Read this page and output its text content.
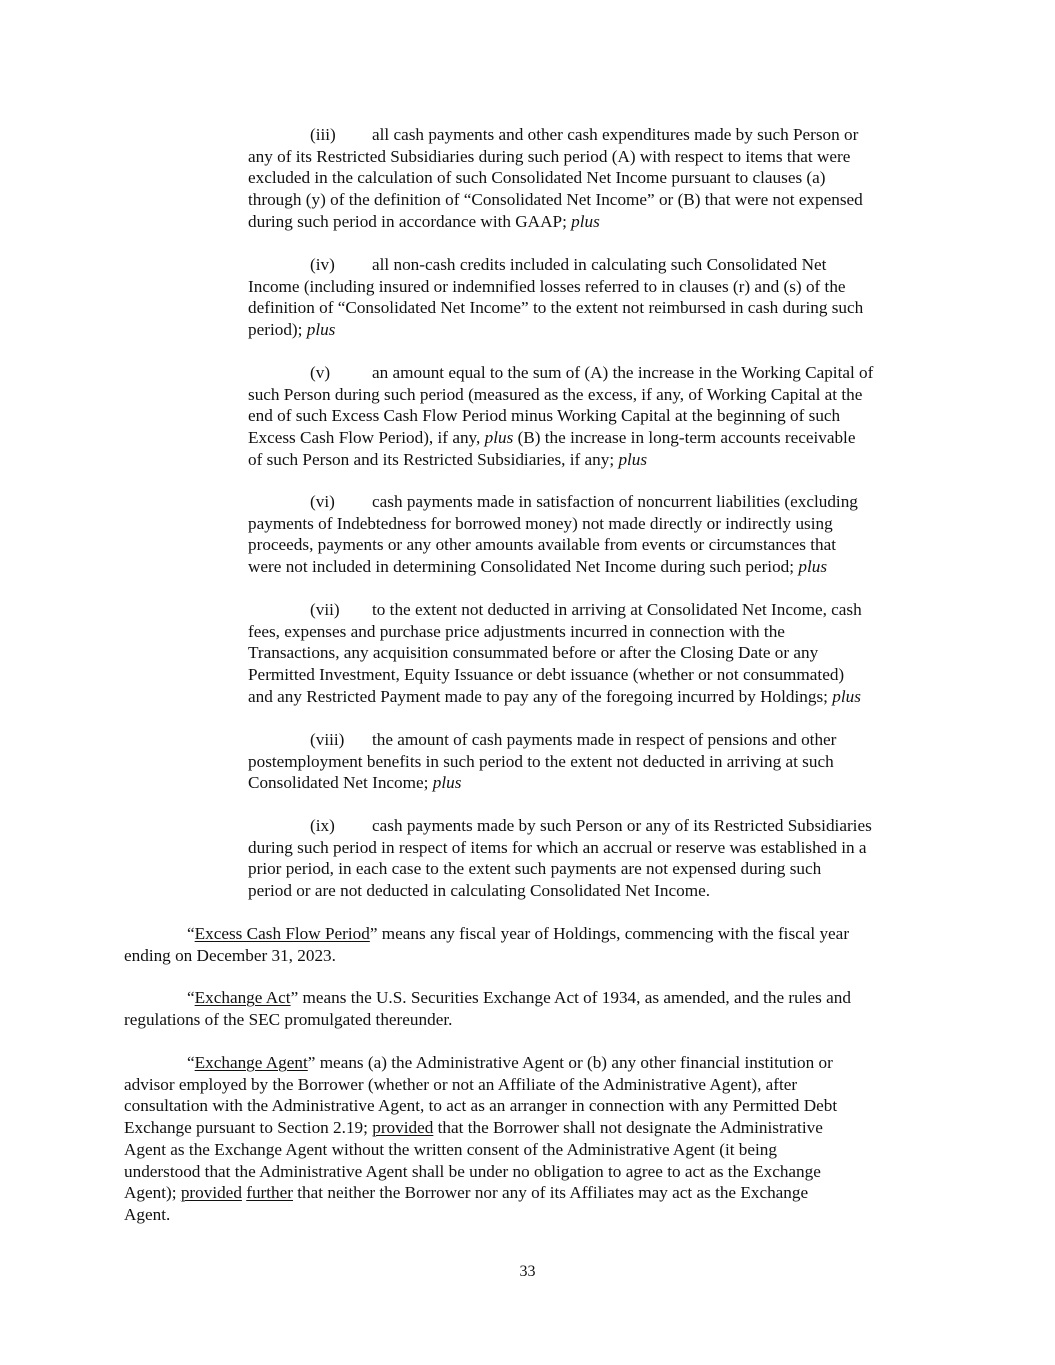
(iii) all cash payments and other cash expenditures made by such Person or
any of its Restricted Subsidiaries during such period (A) with respect to items that were
excluded in the calculation of such Consolidated Net Income pursuant to clauses (a)
through (y) of the definition of “Consolidated Net Income” or (B) that were not expensed
during such period in accordance with GAAP; plus
(iv) all non-cash credits included in calculating such Consolidated Net
Income (including insured or indemnified losses referred to in clauses (r) and (s) of the
definition of “Consolidated Net Income” to the extent not reimbursed in cash during such
period); plus
(v) an amount equal to the sum of (A) the increase in the Working Capital of
such Person during such period (measured as the excess, if any, of Working Capital at the
end of such Excess Cash Flow Period minus Working Capital at the beginning of such
Excess Cash Flow Period), if any, plus (B) the increase in long-term accounts receivable
of such Person and its Restricted Subsidiaries, if any; plus
(vi) cash payments made in satisfaction of noncurrent liabilities (excluding
payments of Indebtedness for borrowed money) not made directly or indirectly using
proceeds, payments or any other amounts available from events or circumstances that
were not included in determining Consolidated Net Income during such period; plus
(vii) to the extent not deducted in arriving at Consolidated Net Income, cash
fees, expenses and purchase price adjustments incurred in connection with the
Transactions, any acquisition consummated before or after the Closing Date or any
Permitted Investment, Equity Issuance or debt issuance (whether or not consummated)
and any Restricted Payment made to pay any of the foregoing incurred by Holdings; plus
(viii) the amount of cash payments made in respect of pensions and other
postemployment benefits in such period to the extent not deducted in arriving at such
Consolidated Net Income; plus
(ix) cash payments made by such Person or any of its Restricted Subsidiaries
during such period in respect of items for which an accrual or reserve was established in a
prior period, in each case to the extent such payments are not expensed during such
period or are not deducted in calculating Consolidated Net Income.
“Excess Cash Flow Period” means any fiscal year of Holdings, commencing with the fiscal year
ending on December 31, 2023.
“Exchange Act” means the U.S. Securities Exchange Act of 1934, as amended, and the rules and
regulations of the SEC promulgated thereunder.
“Exchange Agent” means (a) the Administrative Agent or (b) any other financial institution or
advisor employed by the Borrower (whether or not an Affiliate of the Administrative Agent), after
consultation with the Administrative Agent, to act as an arranger in connection with any Permitted Debt
Exchange pursuant to Section 2.19; provided that the Borrower shall not designate the Administrative
Agent as the Exchange Agent without the written consent of the Administrative Agent (it being
understood that the Administrative Agent shall be under no obligation to agree to act as the Exchange
Agent); provided further that neither the Borrower nor any of its Affiliates may act as the Exchange
Agent.
33
